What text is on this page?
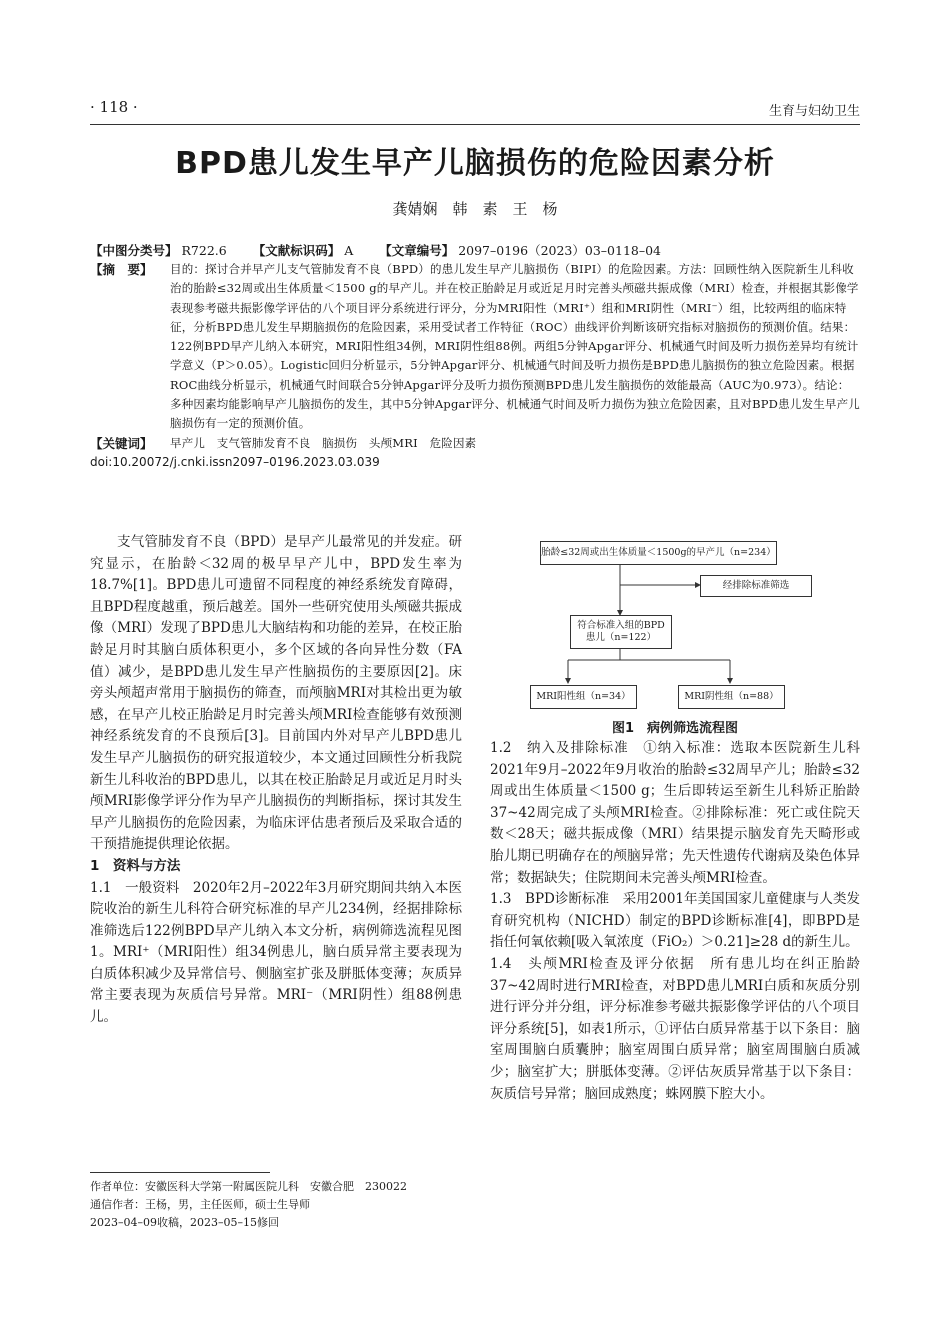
· 118 ·	生育与妇幼卫生
BPD患儿发生早产儿脑损伤的危险因素分析
龚婧娴　韩　素　王　杨
【中图分类号】 R722.6 【文献标识码】 A 【文章编号】 2097–0196（2023）03–0118–04
【摘　要】	目的：探讨合并早产儿支气管肺发育不良（BPD）的患儿发生早产儿脑损伤（BIPI）的危险因素。方法：回顾性纳入医院新生儿科收治的胎龄≤32周或出生体质量＜1500 g的早产儿。并在校正胎龄足月或近足月时完善头颅磁共振成像（MRI）检查，并根据其影像学表现参考磁共振影像学评估的八个项目评分系统进行评分，分为MRI阳性（MRI⁺）组和MRI阴性（MRI⁻）组，比较两组的临床特征，分析BPD患儿发生早期脑损伤的危险因素，采用受试者工作特征（ROC）曲线评价判断该研究指标对脑损伤的预测价值。结果：122例BPD早产儿纳入本研究，MRI阳性组34例，MRI阴性组88例。两组5分钟Apgar评分、机械通气时间及听力损伤差异均有统计学意义（P＞0.05）。Logistic回归分析显示，5分钟Apgar评分、机械通气时间及听力损伤是BPD患儿脑损伤的独立危险因素。根据ROC曲线分析显示，机械通气时间联合5分钟Apgar评分及听力损伤预测BPD患儿发生脑损伤的效能最高（AUC为0.973）。结论：多种因素均能影响早产儿脑损伤的发生，其中5分钟Apgar评分、机械通气时间及听力损伤为独立危险因素，且对BPD患儿发生早产儿脑损伤有一定的预测价值。
【关键词】	早产儿　支气管肺发育不良　脑损伤　头颅MRI　危险因素
doi:10.20072/j.cnki.issn2097–0196.2023.03.039

支气管肺发育不良（BPD）是早产儿最常见的并发症。研究显示，在胎龄＜32周的极早早产儿中，BPD发生率为18.7%[1]。BPD患儿可遗留不同程度的神经系统发育障碍，且BPD程度越重，预后越差。国外一些研究使用头颅磁共振成像（MRI）发现了BPD患儿大脑结构和功能的差异，在校正胎龄足月时其脑白质体积更小，多个区域的各向异性分数（FA值）减少，是BPD患儿发生早产性脑损伤的主要原因[2]。床旁头颅超声常用于脑损伤的筛查，而颅脑MRI对其检出更为敏感，在早产儿校正胎龄足月时完善头颅MRI检查能够有效预测神经系统发育的不良预后[3]。目前国内外对早产儿BPD患儿发生早产儿脑损伤的研究报道较少，本文通过回顾性分析我院新生儿科收治的BPD患儿，以其在校正胎龄足月或近足月时头颅MRI影像学评分作为早产儿脑损伤的判断指标，探讨其发生早产儿脑损伤的危险因素，为临床评估患者预后及采取合适的干预措施提供理论依据。

1　资料与方法

1.1　一般资料　2020年2月–2022年3月研究期间共纳入本医院收治的新生儿科符合研究标准的早产儿234例，经据排除标准筛选后122例BPD早产儿纳入本文分析，病例筛选流程见图1。MRI⁺（MRI阳性）组34例患儿，脑白质异常主要表现为白质体积减少及异常信号、侧脑室扩张及胼胝体变薄；灰质异常主要表现为灰质信号异常。MRI⁻（MRI阴性）组88例患儿。

作者单位：安徽医科大学第一附属医院儿科　安徽合肥　230022
通信作者：王杨，男，主任医师，硕士生导师
2023–04–09收稿，2023–05–15修回
胎龄≤32周或出生体质量＜1500g的早产儿（n=234）
经排除标准筛选
符合标准入组的BPD
患儿（n=122）
MRI阳性组（n=34）	MRI阴性组（n=88）
图1　病例筛选流程图

1.2　纳入及排除标准　①纳入标准：选取本医院新生儿科2021年9月–2022年9月收治的胎龄≤32周早产儿；胎龄≤32周或出生体质量＜1500 g；生后即转运至新生儿科矫正胎龄37~42周完成了头颅MRI检查。②排除标准：死亡或住院天数＜28天；磁共振成像（MRI）结果提示脑发育先天畸形或胎儿期已明确存在的颅脑异常；先天性遗传代谢病及染色体异常；数据缺失；住院期间未完善头颅MRI检查。

1.3　BPD诊断标准　采用2001年美国国家儿童健康与人类发育研究机构（NICHD）制定的BPD诊断标准[4]，即BPD是指任何氧依赖[吸入氧浓度（FiO₂）＞0.21]≥28 d的新生儿。

1.4　头颅MRI检查及评分依据　所有患儿均在纠正胎龄37~42周时进行MRI检查，对BPD患儿MRI白质和灰质分别进行评分并分组，评分标准参考磁共振影像学评估的八个项目评分系统[5]，如表1所示，①评估白质异常基于以下条目：脑室周围脑白质囊肿；脑室周围白质异常；脑室周围脑白质减少；脑室扩大；胼胝体变薄。②评估灰质异常基于以下条目：灰质信号异常；脑回成熟度；蛛网膜下腔大小。
